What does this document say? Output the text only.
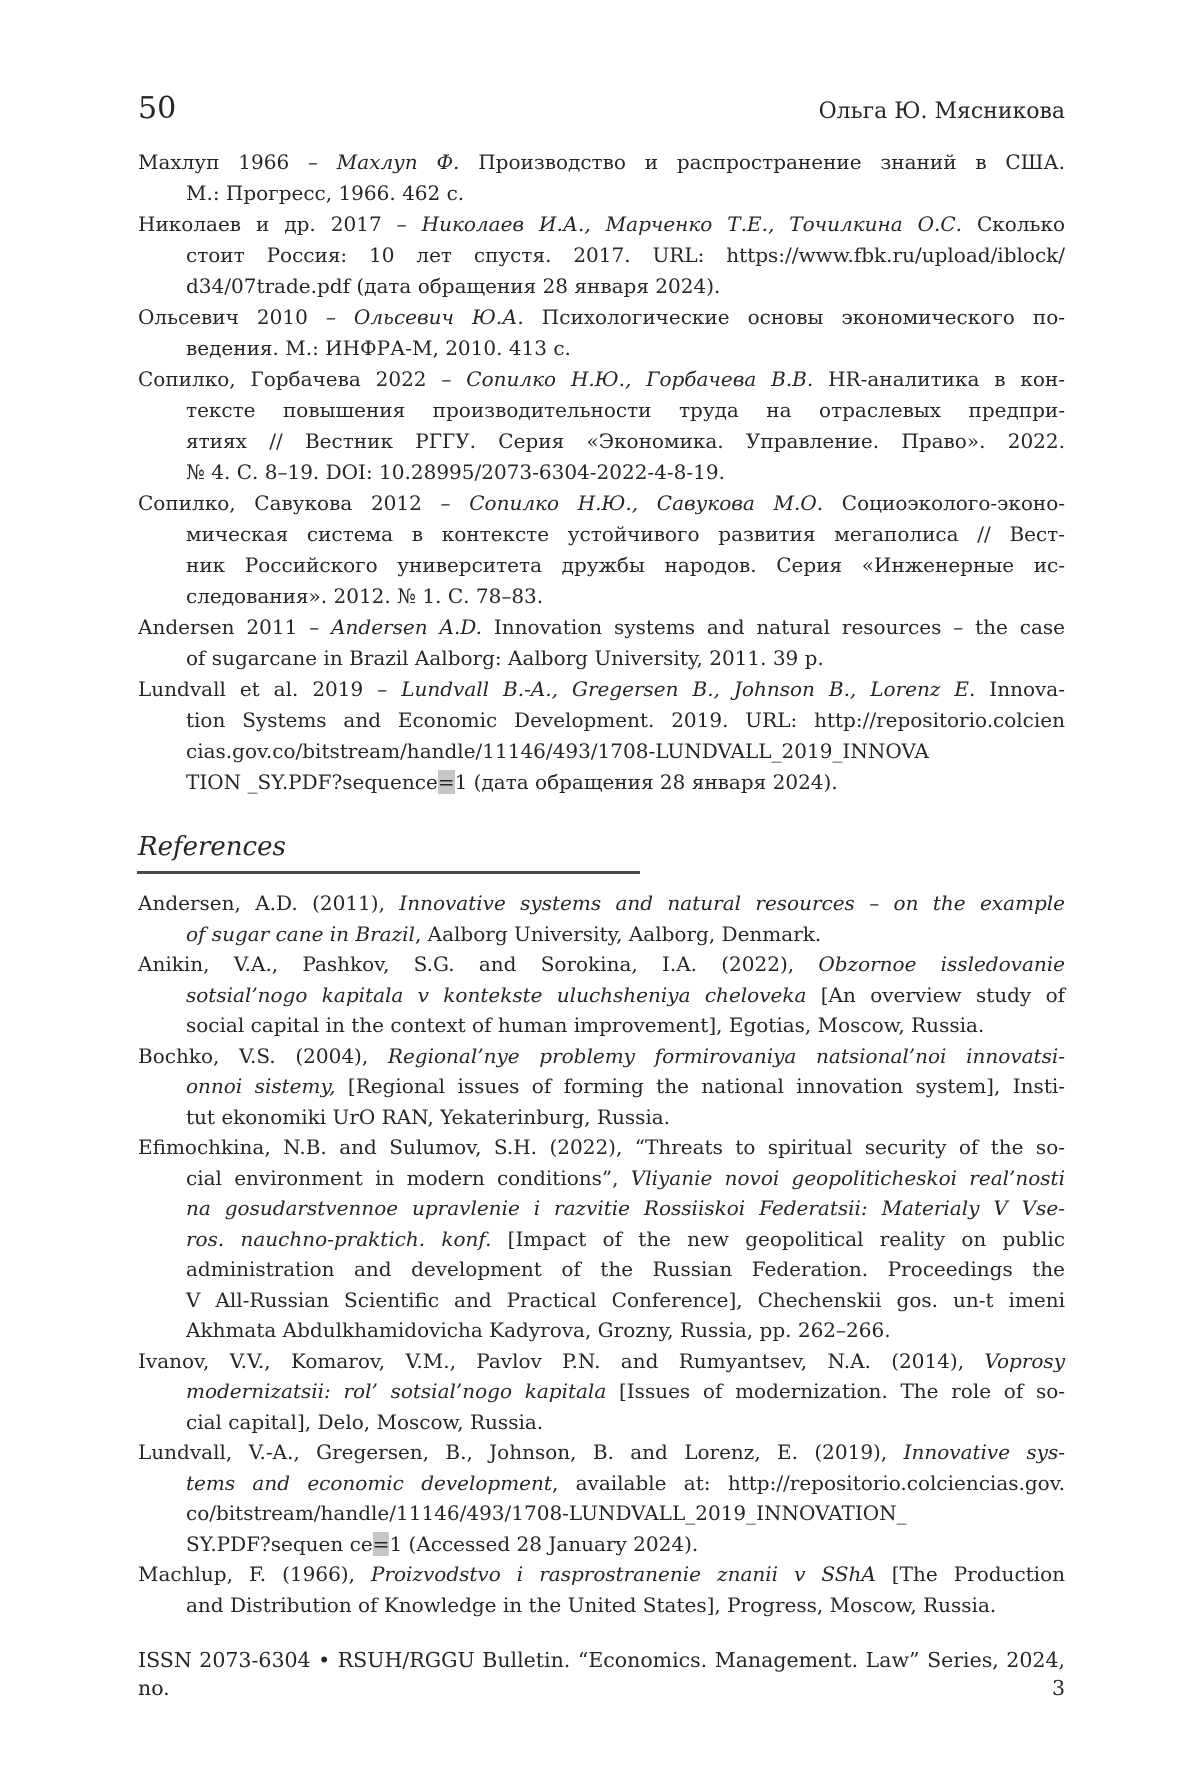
50	Ольга Ю. Мясникова
Махлуп 1966 – Махлуп Ф. Производство и распространение знаний в США.
М.: Прогресс, 1966. 462 с.
Николаев и др. 2017 – Николаев И.А., Марченко Т.Е., Точилкина О.С. Сколько
стоит Россия: 10 лет спустя. 2017. URL: https://www.fbk.ru/upload/iblock/
d34/07trade.pdf (дата обращения 28 января 2024).
Ольсевич 2010 – Ольсевич Ю.А. Психологические основы экономического по-
ведения. М.: ИНФРА-М, 2010. 413 с.
Сопилко, Горбачева 2022 – Сопилко Н.Ю., Горбачева В.В. HR-аналитика в кон-
тексте повышения производительности труда на отраслевых предпри-
ятиях // Вестник РГГУ. Серия «Экономика. Управление. Право». 2022.
№ 4. С. 8–19. DOI: 10.28995/2073-6304-2022-4-8-19.
Сопилко, Савукова 2012 – Сопилко Н.Ю., Савукова М.О. Социоэколого-эконо-
мическая система в контексте устойчивого развития мегаполиса // Вест-
ник Российского университета дружбы народов. Серия «Инженерные ис-
следования». 2012. № 1. С. 78–83.
Andersen 2011 – Andersen A.D. Innovation systems and natural resources – the case
of sugarcane in Brazil Aalborg: Aalborg University, 2011. 39 p.
Lundvall et al. 2019 – Lundvall B.-A., Gregersen B., Johnson B., Lorenz E. Innova-
tion Systems and Economic Development. 2019. URL: http://repositorio.colcien
cias.gov.co/bitstream/handle/11146/493/1708-LUNDVALL_2019_INNOVA
TION _SY.PDF?sequence=1 (дата обращения 28 января 2024).
References
Andersen, A.D. (2011), Innovative systems and natural resources – on the example
of sugar cane in Brazil, Aalborg University, Aalborg, Denmark.
Anikin, V.A., Pashkov, S.G. and Sorokina, I.A. (2022), Obzornoe issledovanie
sotsial’nogo kapitala v kontekste uluchsheniya cheloveka [An overview study of
social capital in the context of human improvement], Egotias, Moscow, Russia.
Bochko, V.S. (2004), Regional’nye problemy formirovaniya natsional’noi innovatsi-
onnoi sistemy, [Regional issues of forming the national innovation system], Insti-
tut ekonomiki UrO RAN, Yekaterinburg, Russia.
Efimochkina, N.B. and Sulumov, S.H. (2022), “Threats to spiritual security of the so-
cial environment in modern conditions”, Vliyanie novoi geopoliticheskoi real’nosti
na gosudarstvennoe upravlenie i razvitie Rossiiskoi Federatsii: Materialy V Vse-
ros. nauchno-praktich. konf. [Impact of the new geopolitical reality on public
administration and development of the Russian Federation. Proceedings the
V All-Russian Scientific and Practical Conference], Chechenskii gos. un-t imeni
Akhmata Abdulkhamidovicha Kadyrova, Grozny, Russia, pp. 262–266.
Ivanov, V.V., Komarov, V.M., Pavlov P.N. and Rumyantsev, N.A. (2014), Voprosy
modernizatsii: rol’ sotsial’nogo kapitala [Issues of modernization. The role of so-
cial capital], Delo, Moscow, Russia.
Lundvall, V.-A., Gregersen, B., Johnson, B. and Lorenz, E. (2019), Innovative sys-
tems and economic development, available at: http://repositorio.colciencias.gov.
co/bitstream/handle/11146/493/1708-LUNDVALL_2019_INNOVATION_
SY.PDF?sequen ce=1 (Accessed 28 January 2024).
Machlup, F. (1966), Proizvodstvo i rasprostranenie znanii v SShA [The Production
and Distribution of Knowledge in the United States], Progress, Moscow, Russia.
ISSN 2073-6304 • RSUH/RGGU Bulletin. “Economics. Management. Law” Series, 2024, no. 3
